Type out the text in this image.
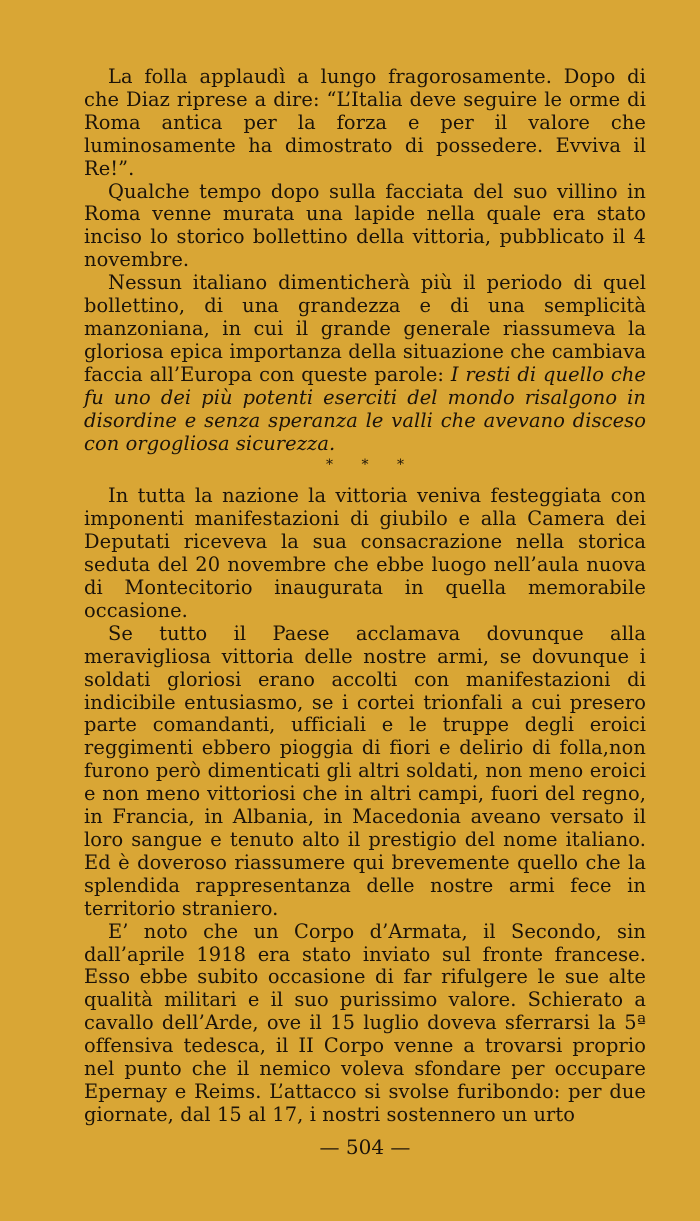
La folla applaudì a lungo fragorosamente. Dopo di che Diaz riprese a dire: “L’Italia deve seguire le orme di Roma antica per la forza e per il valore che luminosamente ha dimostrato di possedere. Evviva il Re!”.

Qualche tempo dopo sulla facciata del suo villino in Roma venne murata una lapide nella quale era stato inciso lo storico bollettino della vittoria, pubblicato il 4 novembre.

Nessun italiano dimenticherà più il periodo di quel bollettino, di una grandezza e di una semplicità manzoniana, in cui il grande generale riassumeva la gloriosa epica importanza della situazione che cambiava faccia all’Europa con queste parole: I resti di quello che fu uno dei più potenti eserciti del mondo risalgono in disordine e senza speranza le valli che avevano disceso con orgogliosa sicurezza.

* * *

In tutta la nazione la vittoria veniva festeggiata con imponenti manifestazioni di giubilo e alla Camera dei Deputati riceveva la sua consacrazione nella storica seduta del 20 novembre che ebbe luogo nell’aula nuova di Montecitorio inaugurata in quella memorabile occasione.

Se tutto il Paese acclamava dovunque alla meravigliosa vittoria delle nostre armi, se dovunque i soldati gloriosi erano accolti con manifestazioni di indicibile entusiasmo, se i cortei trionfali a cui presero parte comandanti, ufficiali e le truppe degli eroici reggimenti ebbero pioggia di fiori e delirio di folla,non furono però dimenticati gli altri soldati, non meno eroici e non meno vittoriosi che in altri campi, fuori del regno, in Francia, in Albania, in Macedonia aveano versato il loro sangue e tenuto alto il prestigio del nome italiano. Ed è doveroso riassumere qui brevemente quello che la splendida rappresentanza delle nostre armi fece in territorio straniero.

E’ noto che un Corpo d’Armata, il Secondo, sin dall’aprile 1918 era stato inviato sul fronte francese. Esso ebbe subito occasione di far rifulgere le sue alte qualità militari e il suo purissimo valore. Schierato a cavallo dell’Arde, ove il 15 luglio doveva sferrarsi la 5ª offensiva tedesca, il II Corpo venne a trovarsi proprio nel punto che il nemico voleva sfondare per occupare Epernay e Reims. L’attacco si svolse furibondo: per due giornate, dal 15 al 17, i nostri sostennero un urto

— 504 —
